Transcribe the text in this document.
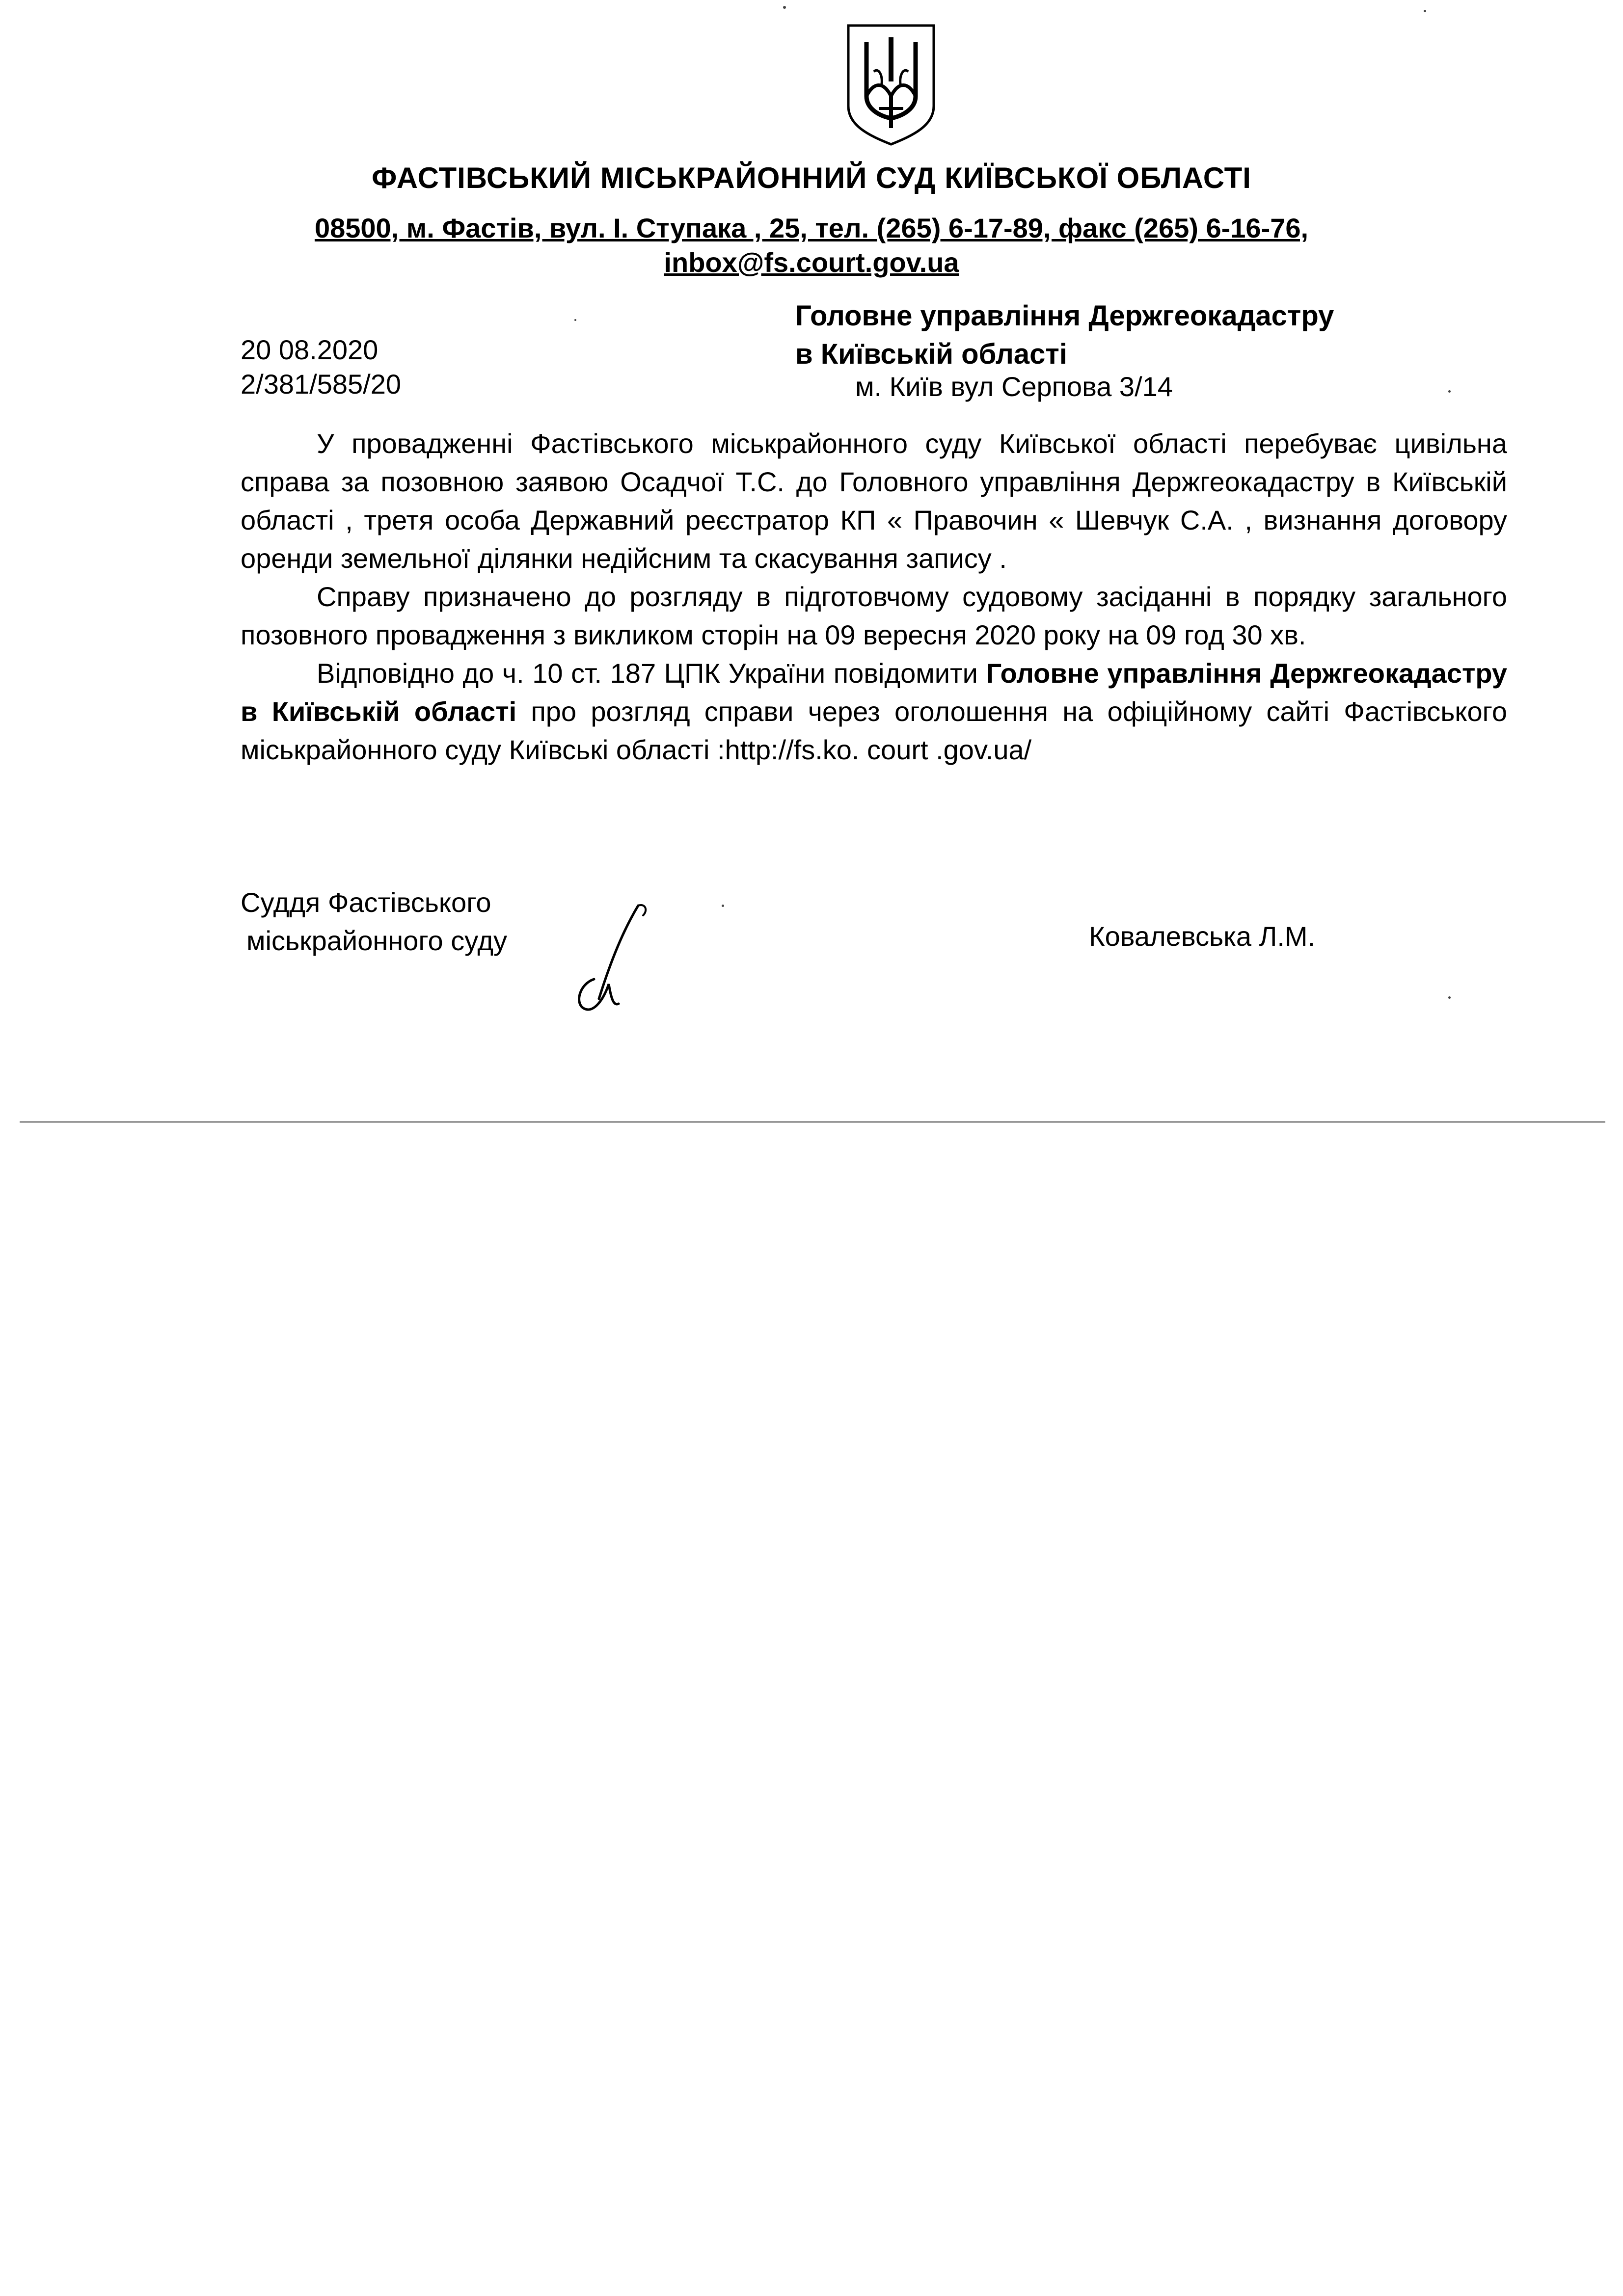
ФАСТІВСЬКИЙ МІСЬКРАЙОННИЙ СУД КИЇВСЬКОЇ ОБЛАСТІ
08500, м. Фастів, вул. І. Ступака , 25, тел. (265) 6-17-89, факс (265) 6-16-76,
inbox@fs.court.gov.ua
Головне управління Держгеокадастру
в Київській області
м. Київ вул Серпова 3/14
20 08.2020
2/381/585/20

У провадженні Фастівського міськрайонного суду Київської області перебуває цивільна справа за позовною заявою Осадчої Т.С. до Головного управління Держгеокадастру в Київській області , третя особа Державний реєстратор КП « Правочин « Шевчук С.А. , визнання договору оренди земельної ділянки недійсним та скасування запису .

Справу призначено до розгляду в підготовчому судовому засіданні в порядку загального позовного провадження з викликом сторін на 09 вересня 2020 року на 09 год 30 хв.

Відповідно до ч. 10 ст. 187 ЦПК України повідомити Головне управління Держгеокадастру в Київській області про розгляд справи через оголошення на офіційному сайті Фастівського міськрайонного суду Київські області :http://fs.ko. court .gov.ua/

Суддя Фастівського
міськрайонного суду	Ковалевська Л.М.
